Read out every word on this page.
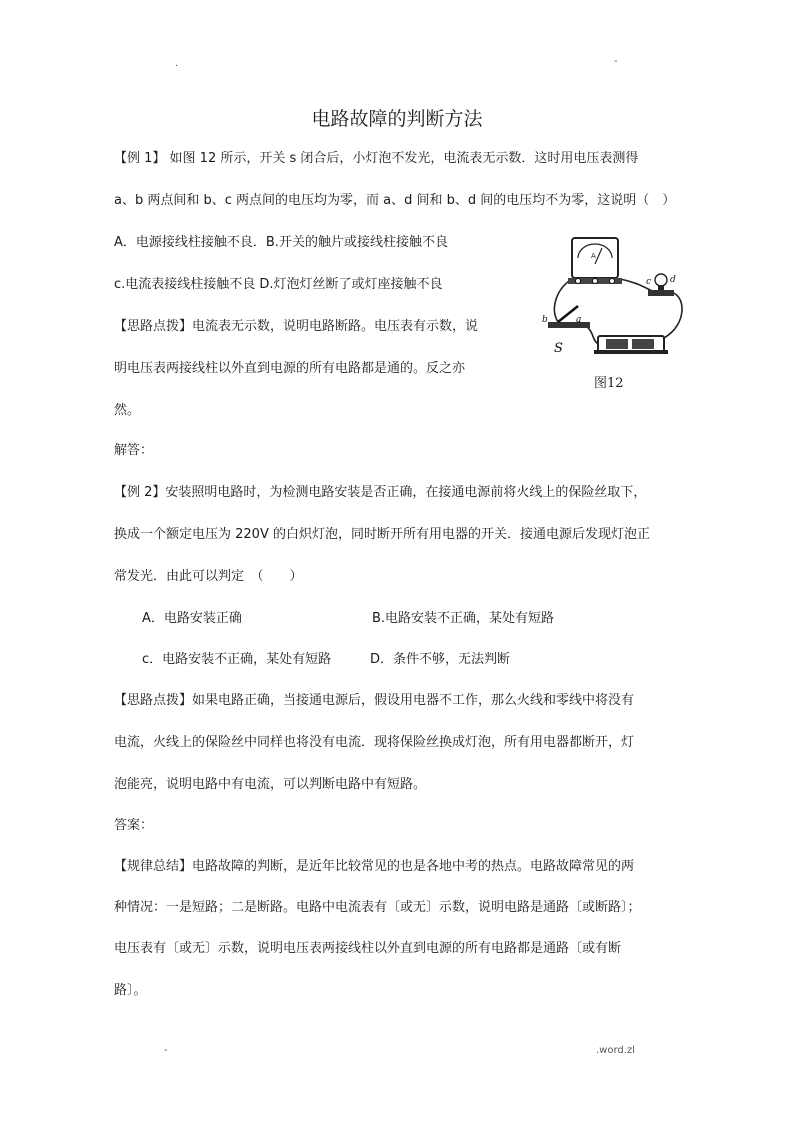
.	-
电路故障的判断方法
【例 1】 如图 12 所示，开关 s 闭合后，小灯泡不发光，电流表无示数．这时用电压表测得
a、b 两点间和 b、c 两点间的电压均为零，而 a、d 间和 b、d 间的电压均不为零，这说明（　）
A．电源接线柱接触不良．B.开关的触片或接线柱接触不良
c.电流表接线柱接触不良 D.灯泡灯丝断了或灯座接触不良
【思路点拨】电流表无示数，说明电路断路。电压表有示数，说
明电压表两接线柱以外直到电源的所有电路都是通的。反之亦
然。
解答：
A
c d
b	a
S
图12
【例 2】安装照明电路时，为检测电路安装是否正确，在接通电源前将火线上的保险丝取下，
换成一个额定电压为 220V 的白炽灯泡，同时断开所有用电器的开关．接通电源后发现灯泡正
常发光．由此可以判定　（　　）
A．电路安装正确	B.电路安装不正确，某处有短路
c．电路安装不正确，某处有短路	D．条件不够，无法判断
【思路点拨】如果电路正确，当接通电源后，假设用电器不工作，那么火线和零线中将没有
电流，火线上的保险丝中同样也将没有电流．现将保险丝换成灯泡，所有用电器都断开，灯
泡能亮，说明电路中有电流，可以判断电路中有短路。
答案：
【规律总结】电路故障的判断，是近年比较常见的也是各地中考的热点。电路故障常见的两
种情况：一是短路；二是断路。电路中电流表有〔或无〕示数，说明电路是通路〔或断路〕；
电压表有〔或无〕示数，说明电压表两接线柱以外直到电源的所有电路都是通路〔或有断
路〕。
-	.word.zl
